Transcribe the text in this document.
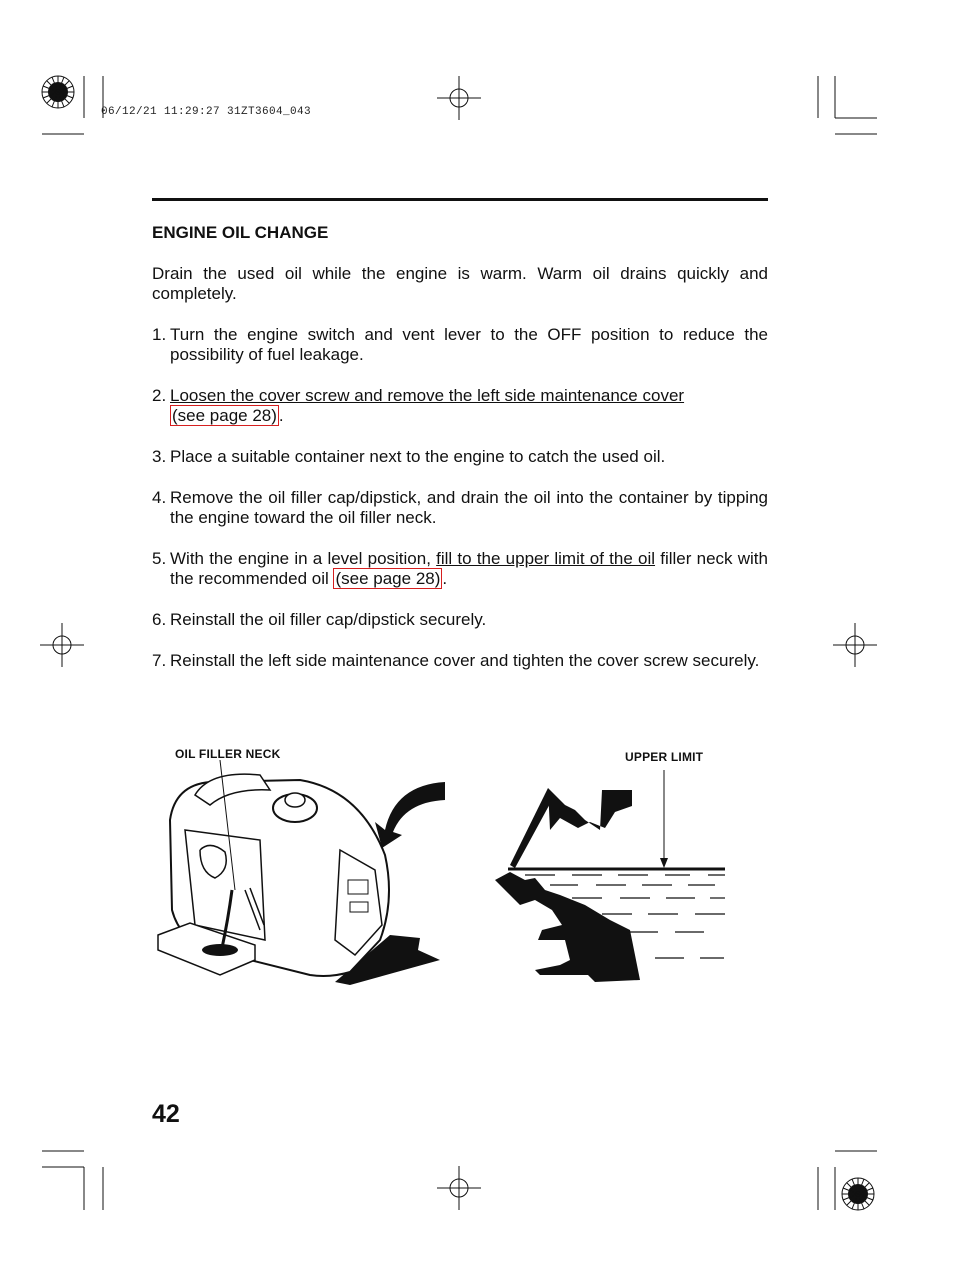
06/12/21 11:29:27 31ZT3604_043
ENGINE OIL CHANGE
Drain the used oil while the engine is warm. Warm oil drains quickly and completely.
1. Turn the engine switch and vent lever to the OFF position to reduce the possibility of fuel leakage.
2. Loosen the cover screw and remove the left side maintenance cover
(see page 28) .
3. Place a suitable container next to the engine to catch the used oil.
4. Remove the oil filler cap/dipstick, and drain the oil into the container by tipping the engine toward the oil filler neck.
5. With the engine in a level position, fill to the upper limit of the oil filler neck with the recommended oil (see page 28) .
6. Reinstall the oil filler cap/dipstick securely.
7. Reinstall the left side maintenance cover and tighten the cover screw securely.
OIL FILLER NECK	UPPER LIMIT
42
